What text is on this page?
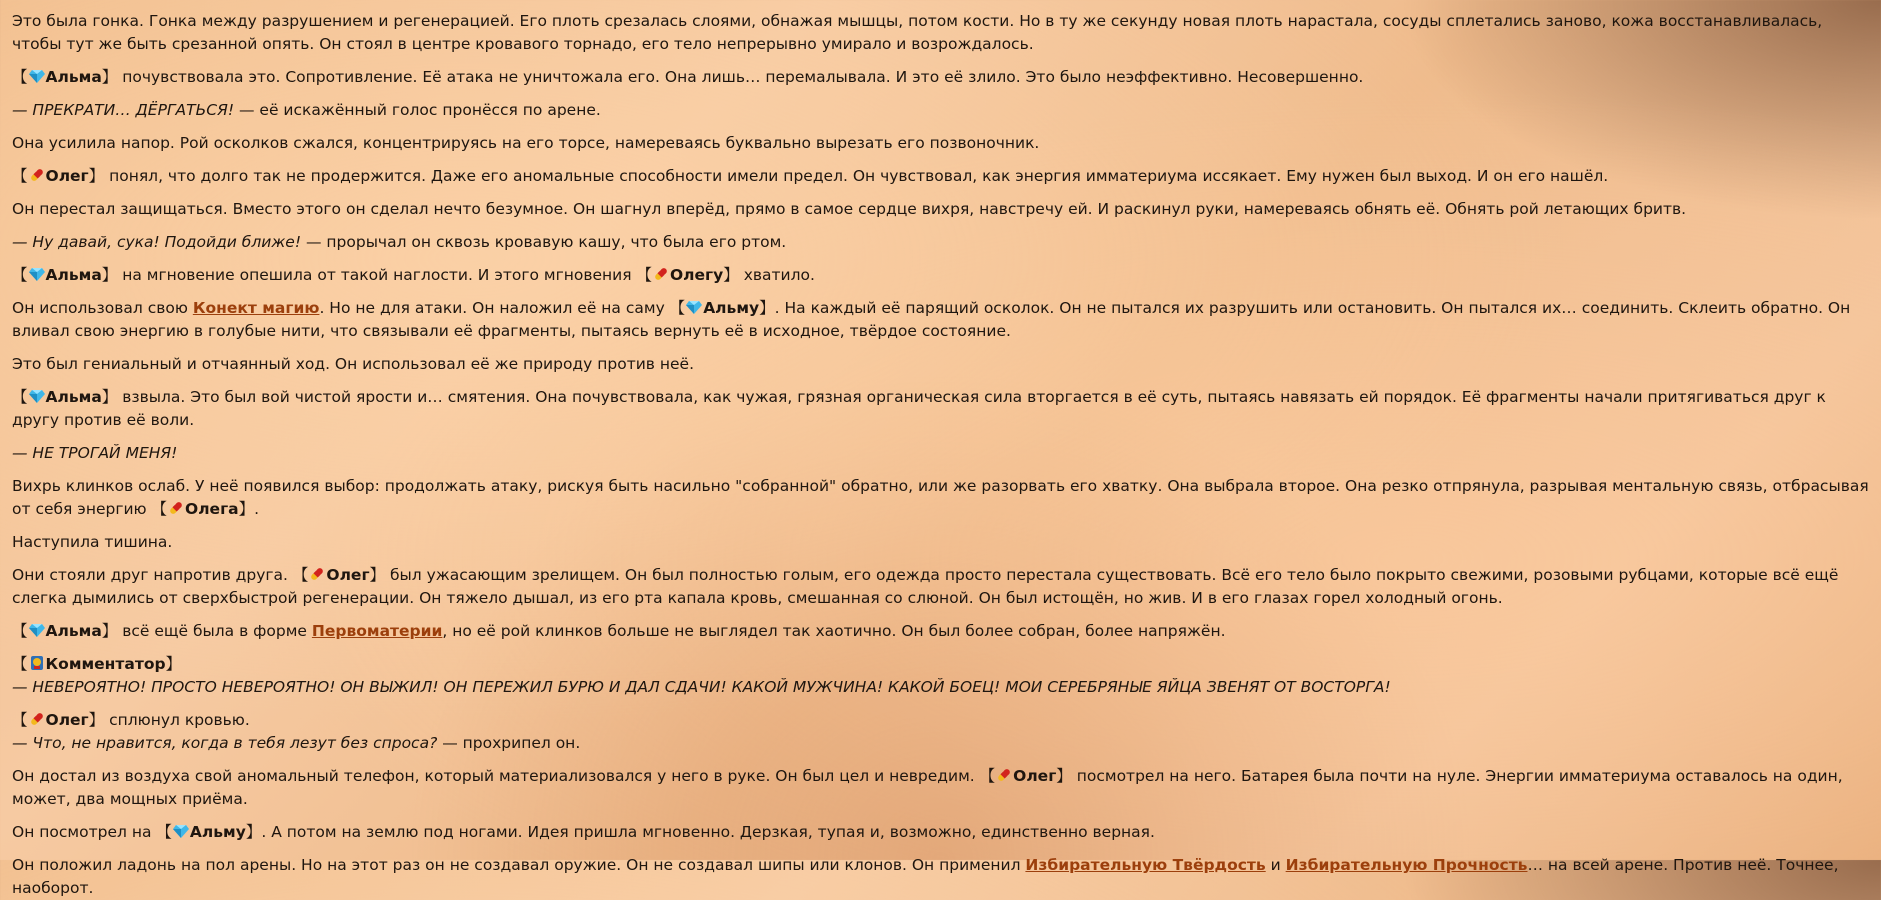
Это была гонка. Гонка между разрушением и регенерацией. Его плоть срезалась слоями, обнажая мышцы, потом кости. Но в ту же секунду новая плоть нарастала, сосуды сплетались заново, кожа восстанавливалась, чтобы тут же быть срезанной опять. Он стоял в центре кровавого торнадо, его тело непрерывно умирало и возрождалось.

【 Альма】 почувствовала это. Сопротивление. Её атака не уничтожала его. Она лишь… перемалывала. И это её злило. Это было неэффективно. Несовершенно.

— ПРЕКРАТИ… ДЁРГАТЬСЯ! — её искажённый голос пронёсся по арене.

Она усилила напор. Рой осколков сжался, концентрируясь на его торсе, намереваясь буквально вырезать его позвоночник.

【 Олег】 понял, что долго так не продержится. Даже его аномальные способности имели предел. Он чувствовал, как энергия имматериума иссякает. Ему нужен был выход. И он его нашёл.

Он перестал защищаться. Вместо этого он сделал нечто безумное. Он шагнул вперёд, прямо в самое сердце вихря, навстречу ей. И раскинул руки, намереваясь обнять её. Обнять рой летающих бритв.

— Ну давай, сука! Подойди ближе! — прорычал он сквозь кровавую кашу, что была его ртом.

【 Альма】 на мгновение опешила от такой наглости. И этого мгновения 【 Олегу】 хватило.

Он использовал свою Конект магию. Но не для атаки. Он наложил её на саму 【 Альму】. На каждый её парящий осколок. Он не пытался их разрушить или остановить. Он пытался их… соединить. Склеить обратно. Он вливал свою энергию в голубые нити, что связывали её фрагменты, пытаясь вернуть её в исходное, твёрдое состояние.

Это был гениальный и отчаянный ход. Он использовал её же природу против неё.

【 Альма】 взвыла. Это был вой чистой ярости и… смятения. Она почувствовала, как чужая, грязная органическая сила вторгается в её суть, пытаясь навязать ей порядок. Её фрагменты начали притягиваться друг к другу против её воли.

— НЕ ТРОГАЙ МЕНЯ!

Вихрь клинков ослаб. У неё появился выбор: продолжать атаку, рискуя быть насильно "собранной" обратно, или же разорвать его хватку. Она выбрала второе. Она резко отпрянула, разрывая ментальную связь, отбрасывая от себя энергию 【 Олега】.

Наступила тишина.

Они стояли друг напротив друга. 【 Олег】 был ужасающим зрелищем. Он был полностью голым, его одежда просто перестала существовать. Всё его тело было покрыто свежими, розовыми рубцами, которые всё ещё слегка дымились от сверхбыстрой регенерации. Он тяжело дышал, из его рта капала кровь, смешанная со слюной. Он был истощён, но жив. И в его глазах горел холодный огонь.

【 Альма】 всё ещё была в форме Первоматерии, но её рой клинков больше не выглядел так хаотично. Он был более собран, более напряжён.

【 Комментатор】

— НЕВЕРОЯТНО! ПРОСТО НЕВЕРОЯТНО! ОН ВЫЖИЛ! ОН ПЕРЕЖИЛ БУРЮ И ДАЛ СДАЧИ! КАКОЙ МУЖЧИНА! КАКОЙ БОЕЦ! МОИ СЕРЕБРЯНЫЕ ЯЙЦА ЗВЕНЯТ ОТ ВОСТОРГА!

【 Олег】 сплюнул кровью.

— Что, не нравится, когда в тебя лезут без спроса? — прохрипел он.

Он достал из воздуха свой аномальный телефон, который материализовался у него в руке. Он был цел и невредим. 【 Олег】 посмотрел на него. Батарея была почти на нуле. Энергии имматериума оставалось на один, может, два мощных приёма.

Он посмотрел на 【 Альму】. А потом на землю под ногами. Идея пришла мгновенно. Дерзкая, тупая и, возможно, единственно верная.

Он положил ладонь на пол арены. Но на этот раз он не создавал оружие. Он не создавал шипы или клонов. Он применил Избирательную Твёрдость и Избирательную Прочность… на всей арене. Против неё. Точнее, наоборот.
